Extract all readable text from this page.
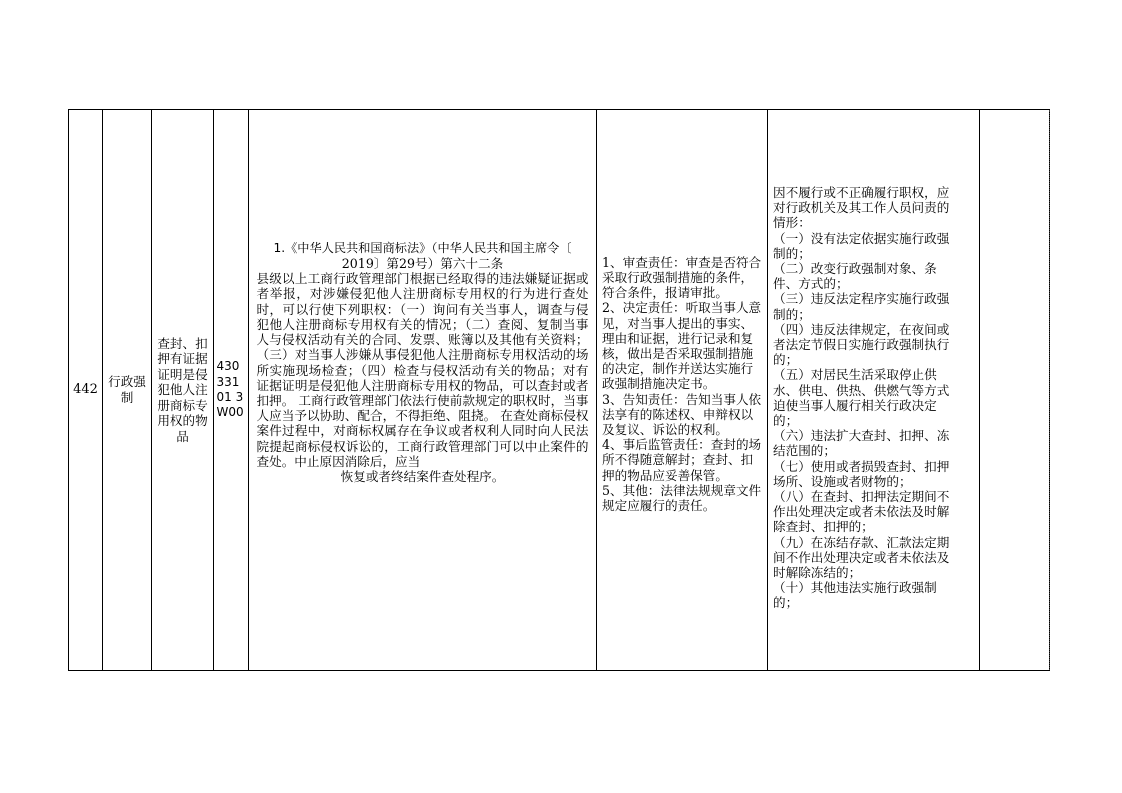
442
行政强制
查封、扣押有证据证明是侵犯他人注册商标专用权的物品
43033101 3W00

1.《中华人民共和国商标法》（中华人民共和国主席令〔

2019〕第29号）第六十二条

县级以上工商行政管理部门根据已经取得的违法嫌疑证据或者举报，对涉嫌侵犯他人注册商标专用权的行为进行查处时，可以行使下列职权：（一）询问有关当事人，调查与侵犯他人注册商标专用权有关的情况；（二）查阅、复制当事人与侵权活动有关的合同、发票、账簿以及其他有关资料；（三）对当事人涉嫌从事侵犯他人注册商标专用权活动的场所实施现场检查；（四）检查与侵权活动有关的物品；对有证据证明是侵犯他人注册商标专用权的物品，可以查封或者扣押。 工商行政管理部门依法行使前款规定的职权时，当事人应当予以协助、配合，不得拒绝、阻挠。 在查处商标侵权案件过程中，对商标权属存在争议或者权利人同时向人民法院提起商标侵权诉讼的，工商行政管理部门可以中止案件的查处。中止原因消除后，应当

恢复或者终结案件查处程序。

1、审查责任：审查是否符合采取行政强制措施的条件，符合条件，报请审批。

2、决定责任：听取当事人意见，对当事人提出的事实、理由和证据，进行记录和复核，做出是否采取强制措施的决定，制作并送达实施行政强制措施决定书。

3、告知责任：告知当事人依法享有的陈述权、申辩权以及复议、诉讼的权利。

4、事后监管责任：查封的场所不得随意解封；查封、扣押的物品应妥善保管。

5、其他：法律法规规章文件规定应履行的责任。

因不履行或不正确履行职权，应对行政机关及其工作人员问责的情形：

（一）没有法定依据实施行政强制的；

（二）改变行政强制对象、条件、方式的；

（三）违反法定程序实施行政强制的；

（四）违反法律规定，在夜间或者法定节假日实施行政强制执行的；

（五）对居民生活采取停止供水、供电、供热、供燃气等方式迫使当事人履行相关行政决定的；

（六）违法扩大查封、扣押、冻结范围的；

（七）使用或者损毁查封、扣押场所、设施或者财物的；

（八）在查封、扣押法定期间不作出处理决定或者未依法及时解除查封、扣押的；

（九）在冻结存款、汇款法定期间不作出处理决定或者未依法及时解除冻结的；

（十）其他违法实施行政强制的；
